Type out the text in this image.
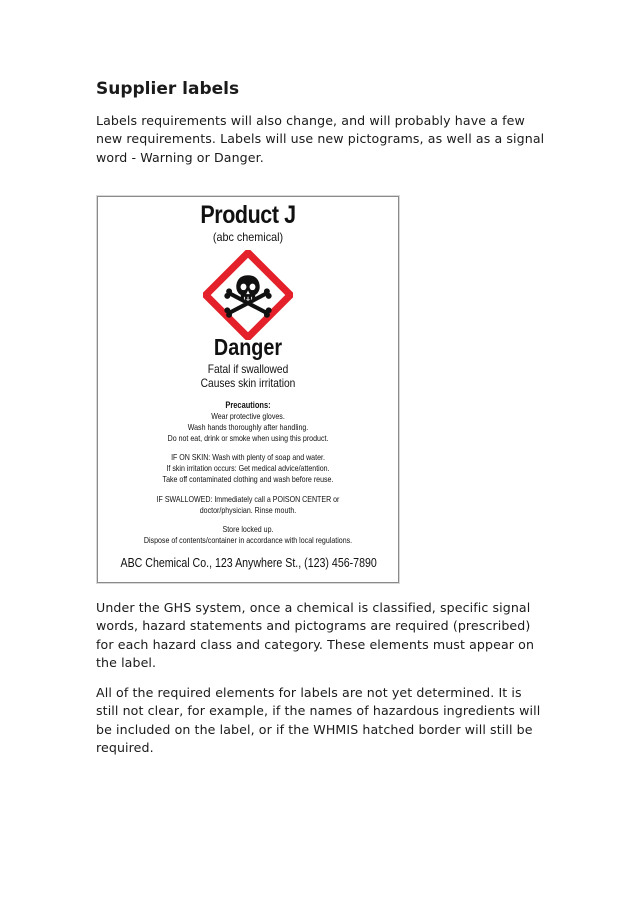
Supplier labels

Labels requirements will also change, and will probably have a few new requirements. Labels will use new pictograms, as well as a signal word - Warning or Danger.

Product J
(abc chemical)
Danger
Fatal if swallowed
Causes skin irritation
Precautions:
Wear protective gloves.
Wash hands thoroughly after handling.
Do not eat, drink or smoke when using this product.
IF ON SKIN: Wash with plenty of soap and water.
If skin irritation occurs: Get medical advice/attention.
Take off contaminated clothing and wash before reuse.
IF SWALLOWED: Immediately call a POISON CENTER or
doctor/physician. Rinse mouth.
Store locked up.
Dispose of contents/container in accordance with local regulations.
ABC Chemical Co., 123 Anywhere St., (123) 456-7890

Under the GHS system, once a chemical is classified, specific signal words, hazard statements and pictograms are required (prescribed) for each hazard class and category. These elements must appear on the label.

All of the required elements for labels are not yet determined. It is still not clear, for example, if the names of hazardous ingredients will be included on the label, or if the WHMIS hatched border will still be required.
